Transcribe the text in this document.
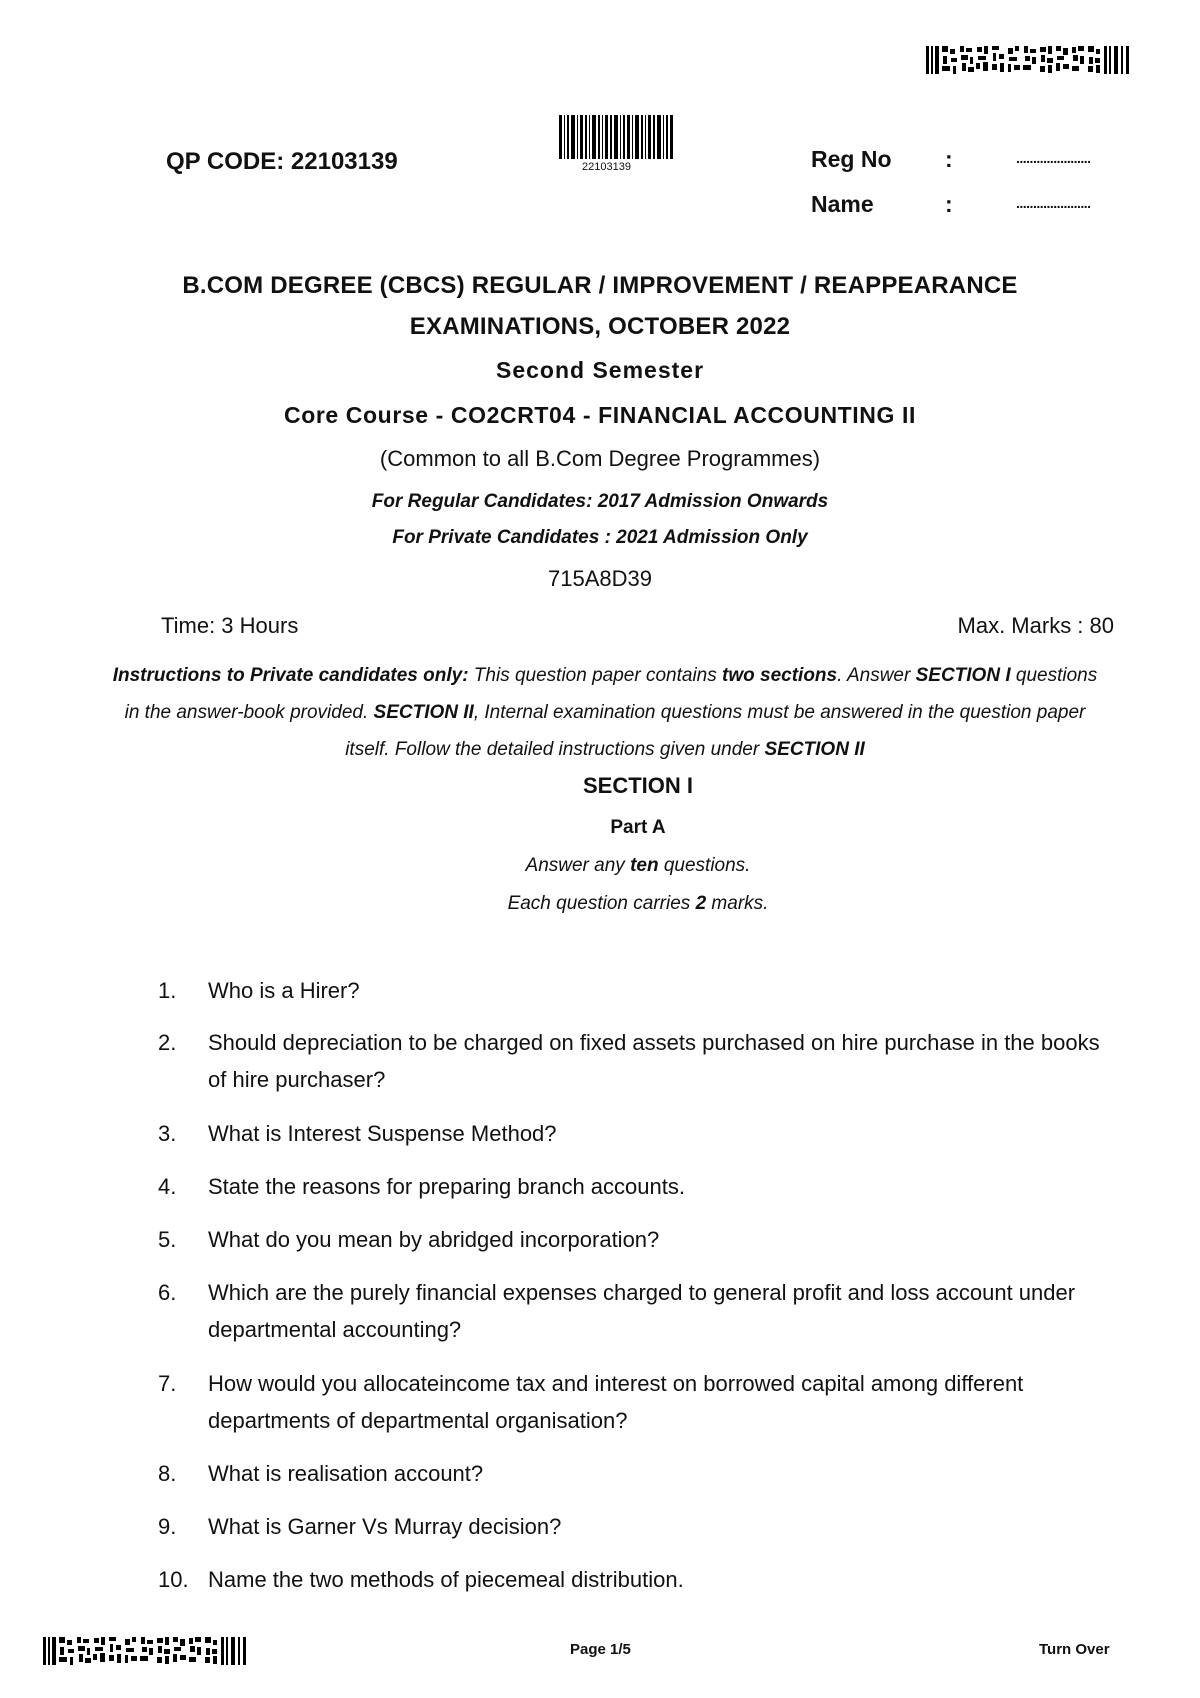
QP CODE: 22103139	22103139	Reg No :	......................
Name	:	......................
B.COM DEGREE (CBCS) REGULAR / IMPROVEMENT / REAPPEARANCE
EXAMINATIONS, OCTOBER 2022
Second Semester
Core Course - CO2CRT04 - FINANCIAL ACCOUNTING II
(Common to all B.Com Degree Programmes)
For Regular Candidates: 2017 Admission Onwards
For Private Candidates : 2021 Admission Only
715A8D39
Time: 3 Hours	Max. Marks : 80
Instructions to Private candidates only: This question paper contains two sections. Answer SECTION I questions in the answer-book provided. SECTION II, Internal examination questions must be answered in the question paper itself. Follow the detailed instructions given under SECTION II
SECTION I
Part A
Answer any ten questions.
Each question carries 2 marks.
1. Who is a Hirer?
2. Should depreciation to be charged on fixed assets purchased on hire purchase in the books of hire purchaser?
3. What is Interest Suspense Method?
4. State the reasons for preparing branch accounts.
5. What do you mean by abridged incorporation?
6. Which are the purely financial expenses charged to general profit and loss account under departmental accounting?
7. How would you allocateincome tax and interest on borrowed capital among different departments of departmental organisation?
8. What is realisation account?
9. What is Garner Vs Murray decision?
10. Name the two methods of piecemeal distribution.
Page 1/5	Turn Over
